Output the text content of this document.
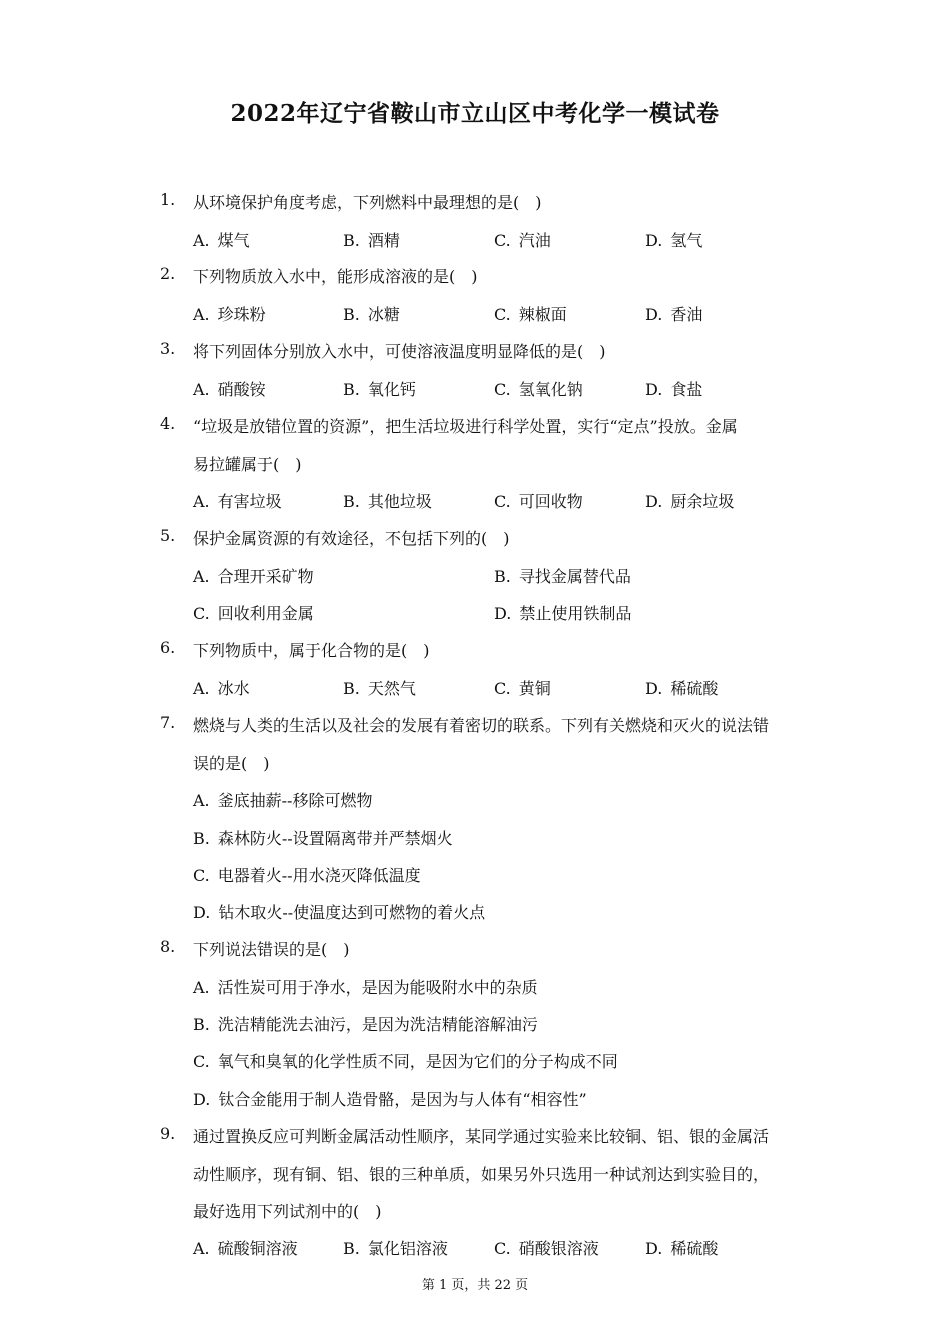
2022年辽宁省鞍山市立山区中考化学一模试卷
1. 从环境保护角度考虑，下列燃料中最理想的是(　)
A. 煤气	B. 酒精	C. 汽油	D. 氢气
2. 下列物质放入水中，能形成溶液的是(　)
A. 珍珠粉	B. 冰糖	C. 辣椒面	D. 香油
3. 将下列固体分别放入水中，可使溶液温度明显降低的是(　)
A. 硝酸铵	B. 氧化钙	C. 氢氧化钠	D. 食盐
4. “垃圾是放错位置的资源”，把生活垃圾进行科学处置，实行“定点”投放。金属
易拉罐属于(　)
A. 有害垃圾	B. 其他垃圾	C. 可回收物	D. 厨余垃圾
5. 保护金属资源的有效途径，不包括下列的(　)
A. 合理开采矿物	B. 寻找金属替代品
C. 回收利用金属	D. 禁止使用铁制品
6. 下列物质中，属于化合物的是(　)
A. 冰水	B. 天然气	C. 黄铜	D. 稀硫酸
7. 燃烧与人类的生活以及社会的发展有着密切的联系。下列有关燃烧和灭火的说法错
误的是(　)
A. 釜底抽薪--移除可燃物
B. 森林防火--设置隔离带并严禁烟火
C. 电器着火--用水浇灭降低温度
D. 钻木取火--使温度达到可燃物的着火点
8. 下列说法错误的是(　)
A. 活性炭可用于净水，是因为能吸附水中的杂质
B. 洗洁精能洗去油污，是因为洗洁精能溶解油污
C. 氧气和臭氧的化学性质不同，是因为它们的分子构成不同
D. 钛合金能用于制人造骨骼，是因为与人体有“相容性”
9. 通过置换反应可判断金属活动性顺序，某同学通过实验来比较铜、铝、银的金属活
动性顺序，现有铜、铝、银的三种单质，如果另外只选用一种试剂达到实验目的，
最好选用下列试剂中的(　)
A. 硫酸铜溶液	B. 氯化铝溶液	C. 硝酸银溶液	D. 稀硫酸
第 1 页，共 22 页
